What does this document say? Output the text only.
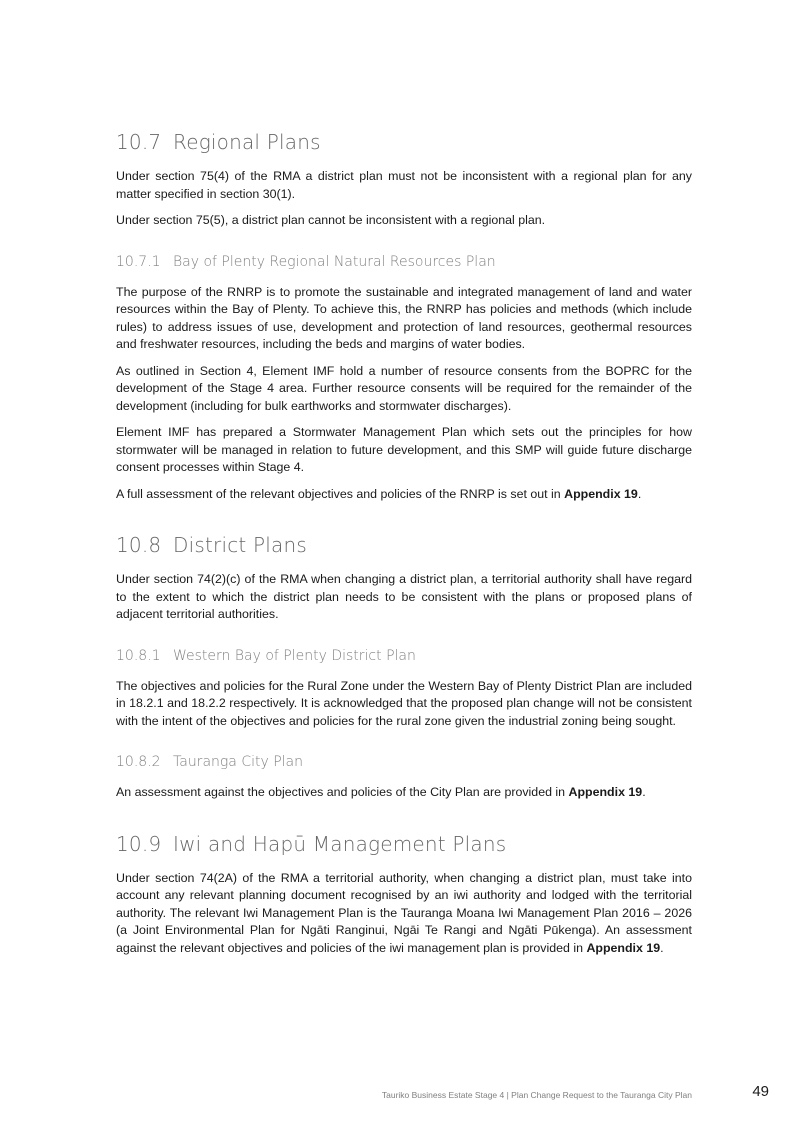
10.7 Regional Plans

Under section 75(4) of the RMA a district plan must not be inconsistent with a regional plan for any matter specified in section 30(1).

Under section 75(5), a district plan cannot be inconsistent with a regional plan.

10.7.1 Bay of Plenty Regional Natural Resources Plan

The purpose of the RNRP is to promote the sustainable and integrated management of land and water resources within the Bay of Plenty. To achieve this, the RNRP has policies and methods (which include rules) to address issues of use, development and protection of land resources, geothermal resources and freshwater resources, including the beds and margins of water bodies.

As outlined in Section 4, Element IMF hold a number of resource consents from the BOPRC for the development of the Stage 4 area. Further resource consents will be required for the remainder of the development (including for bulk earthworks and stormwater discharges).

Element IMF has prepared a Stormwater Management Plan which sets out the principles for how stormwater will be managed in relation to future development, and this SMP will guide future discharge consent processes within Stage 4.

A full assessment of the relevant objectives and policies of the RNRP is set out in Appendix 19.

10.8 District Plans

Under section 74(2)(c) of the RMA when changing a district plan, a territorial authority shall have regard to the extent to which the district plan needs to be consistent with the plans or proposed plans of adjacent territorial authorities.

10.8.1 Western Bay of Plenty District Plan

The objectives and policies for the Rural Zone under the Western Bay of Plenty District Plan are included in 18.2.1 and 18.2.2 respectively. It is acknowledged that the proposed plan change will not be consistent with the intent of the objectives and policies for the rural zone given the industrial zoning being sought.

10.8.2 Tauranga City Plan

An assessment against the objectives and policies of the City Plan are provided in Appendix 19.

10.9 Iwi and Hapū Management Plans

Under section 74(2A) of the RMA a territorial authority, when changing a district plan, must take into account any relevant planning document recognised by an iwi authority and lodged with the territorial authority. The relevant Iwi Management Plan is the Tauranga Moana Iwi Management Plan 2016 – 2026 (a Joint Environmental Plan for Ngāti Ranginui, Ngāi Te Rangi and Ngāti Pūkenga). An assessment against the relevant objectives and policies of the iwi management plan is provided in Appendix 19.

Tauriko Business Estate Stage 4 | Plan Change Request to the Tauranga City Plan	49
